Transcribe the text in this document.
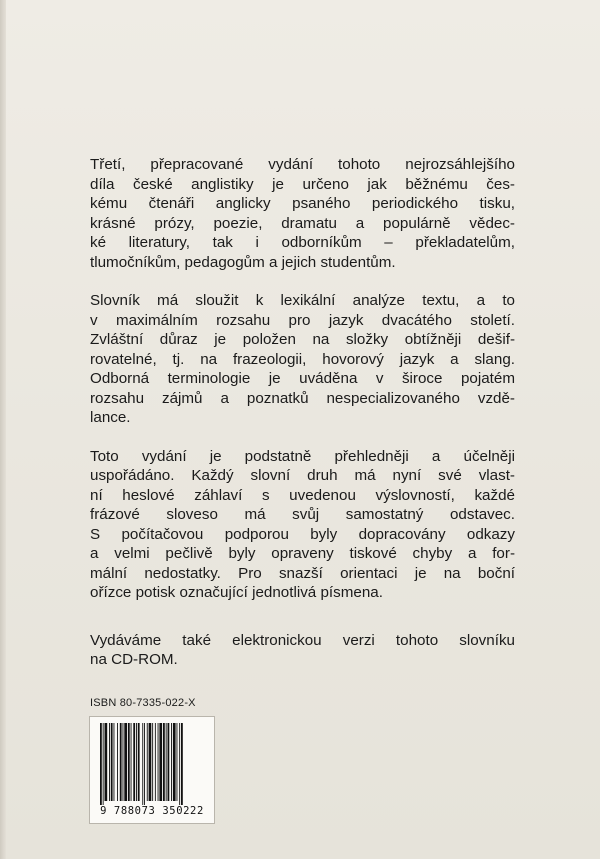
Třetí, přepracované vydání tohoto nejrozsáhlejšího
díla české anglistiky je určeno jak běžnému čes-
kému čtenáři anglicky psaného periodického tisku,
krásné prózy, poezie, dramatu a populárně vědec-
ké literatury, tak i odborníkům – překladatelům,
tlumočníkům, pedagogům a jejich studentům.

Slovník má sloužit k lexikální analýze textu, a to
v maximálním rozsahu pro jazyk dvacátého století.
Zvláštní důraz je položen na složky obtížněji dešif-
rovatelné, tj. na frazeologii, hovorový jazyk a slang.
Odborná terminologie je uváděna v široce pojatém
rozsahu zájmů a poznatků nespecializovaného vzdě-
lance.

Toto vydání je podstatně přehledněji a účelněji
uspořádáno. Každý slovní druh má nyní své vlast-
ní heslové záhlaví s uvedenou výslovností, každé
frázové sloveso má svůj samostatný odstavec.
S počítačovou podporou byly dopracovány odkazy
a velmi pečlivě byly opraveny tiskové chyby a for-
mální nedostatky. Pro snazší orientaci je na boční
ořízce potisk označující jednotlivá písmena.

Vydáváme také elektronickou verzi tohoto slovníku
na CD-ROM.

ISBN 80-7335-022-X
9 788073 350222
